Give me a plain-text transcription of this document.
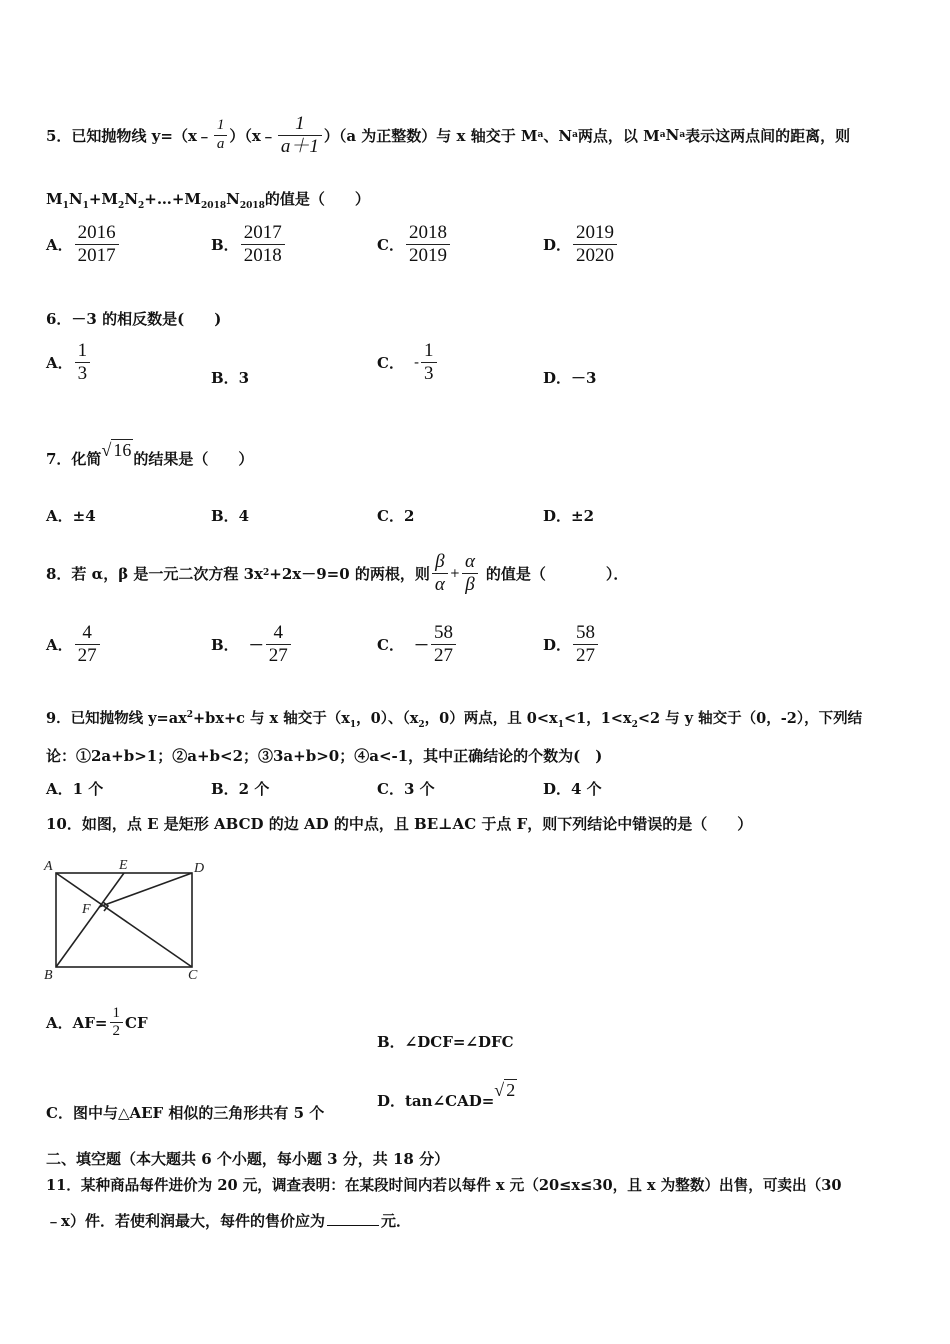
5．已知抛物线 y=（x﹣ $\frac{1}{a}$ ）（x﹣ $\frac{1}{a+1} )(a$ 为正整数）与 x 轴交于 M a 、N a 两点，以 M a N a 表示这两点间的距离，则
$M_1N_1+M_2N_2+\dots+M_{2018}N_{2018}$的值是（　　）
A． $\frac{2016}{2017}$	B． $\frac{2017}{2018}$	C． $\frac{2018}{2019}$	D． $\frac{2019}{2020}$
6．－3 的相反数是(　　)
A． $\frac{1}{3}$	B．3
C． - $\frac{1}{3}$	D．－3
7．化简 √ 16 的结果是（　　）
A．±4	B．4	C．2	D．±2
8．若 α，β 是一元二次方程 3x 2 +2x－9=0 的两根，则 $\frac{\beta}{\alpha} + \frac{\alpha}{\beta}$ 的值是（　　　　）．
A． $\frac{4}{27}$	B． － $\frac{4}{27}$	C． － $\frac{58}{27}$	D． $\frac{58}{27}$
9．已知抛物线 $y=ax^2+bx+c$ 与 x 轴交于（$x_1$，0）、（$x_2$，0）两点，且 $0<x_1<1$，$1<x_2<2$ 与 y 轴交于（0，-2），下列结
论：①2a+b>1；②a+b<2；③3a+b>0；④a<-1，其中正确结论的个数为(　)
A．1 个	B．2 个	C．3 个	D．4 个
10．如图，点 E 是矩形 ABCD 的边 AD 的中点，且 BE⊥AC 于点 F，则下列结论中错误的是（　　）
A	E	D
F
B	C
A．$AF= \frac{1}{2}$ CF
B．∠DCF=∠DFC
C．图中与△AEF 相似的三角形共有 5 个
D．tan∠CAD=
√ 2
二、填空题（本大题共 6 个小题，每小题 3 分，共 18 分）
11．某种商品每件进价为 20 元，调查表明：在某段时间内若以每件 x 元（20≤x≤30，且 x 为整数）出售，可卖出（30
﹣x）件．若使利润最大，每件的售价应为	元．
